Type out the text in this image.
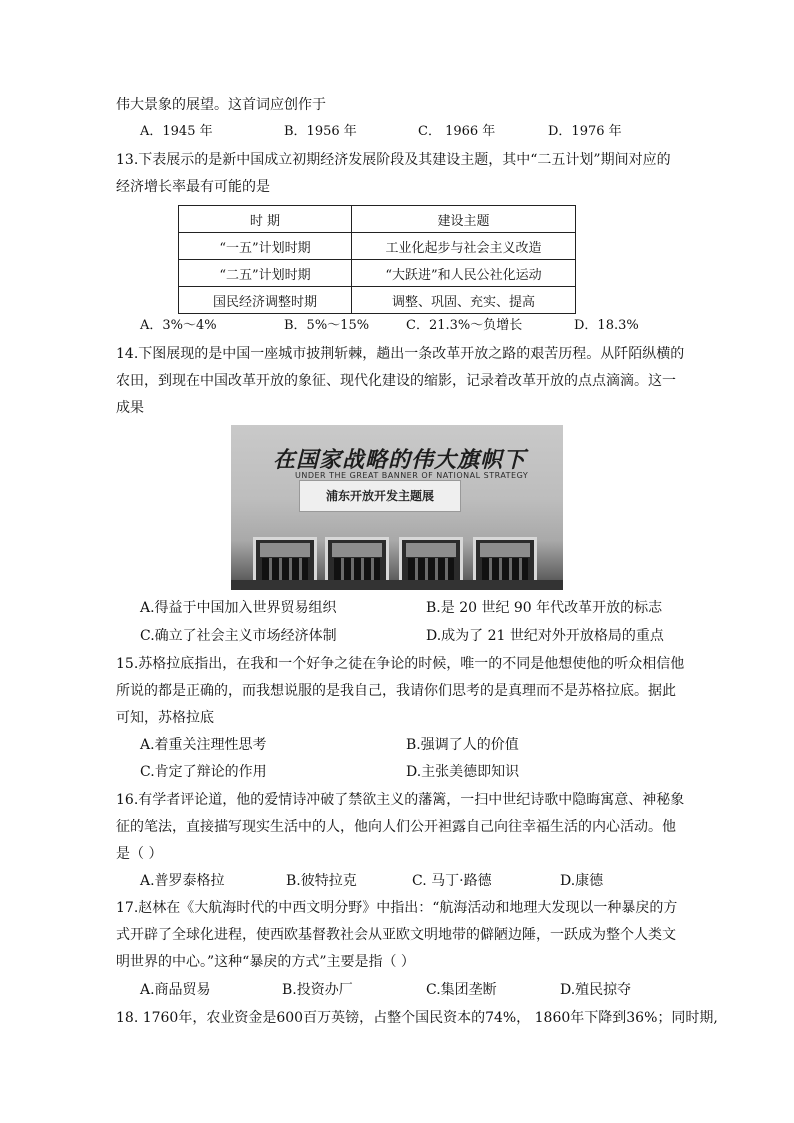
伟大景象的展望。这首词应创作于
A．1945 年	B．1956 年	C． 1966 年	D．1976 年
13.下表展示的是新中国成立初期经济发展阶段及其建设主题，其中“二五计划”期间对应的
经济增长率最有可能的是
时 期	建设主题
“一五”计划时期	工业化起步与社会主义改造
“二五”计划时期	“大跃进”和人民公社化运动
国民经济调整时期	调整、巩固、充实、提高
A．3%～4%	B．5%～15%	C．21.3%～负增长	D．18.3%
14.下图展现的是中国一座城市披荆斩棘，趟出一条改革开放之路的艰苦历程。从阡陌纵横的
农田，到现在中国改革开放的象征、现代化建设的缩影，记录着改革开放的点点滴滴。这一
成果
在国家战略的伟大旗帜下
UNDER THE GREAT BANNER OF NATIONAL STRATEGY
浦东开放开发主题展
A.得益于中国加入世界贸易组织	B.是 20 世纪 90 年代改革开放的标志
C.确立了社会主义市场经济体制	D.成为了 21 世纪对外开放格局的重点
15.苏格拉底指出，在我和一个好争之徒在争论的时候，唯一的不同是他想使他的听众相信他
所说的都是正确的，而我想说服的是我自己，我请你们思考的是真理而不是苏格拉底。据此
可知，苏格拉底
A.着重关注理性思考	B.强调了人的价值
C.肯定了辩论的作用	D.主张美德即知识
16.有学者评论道，他的爱情诗冲破了禁欲主义的藩篱，一扫中世纪诗歌中隐晦寓意、神秘象
征的笔法，直接描写现实生活中的人，他向人们公开袒露自己向往幸福生活的内心活动。他
是（ ）
A.普罗泰格拉	B.彼特拉克	C. 马丁·路德	D.康德
17.赵林在《大航海时代的中西文明分野》中指出：“航海活动和地理大发现以一种暴戾的方
式开辟了全球化进程，使西欧基督教社会从亚欧文明地带的僻陋边陲，一跃成为整个人类文
明世界的中心。”这种“暴戾的方式”主要是指（ ）
A.商品贸易	B.投资办厂	C.集团垄断	D.殖民掠夺
18. 1760年，农业资金是600百万英镑，占整个国民资本的74%， 1860年下降到36%；同时期,
